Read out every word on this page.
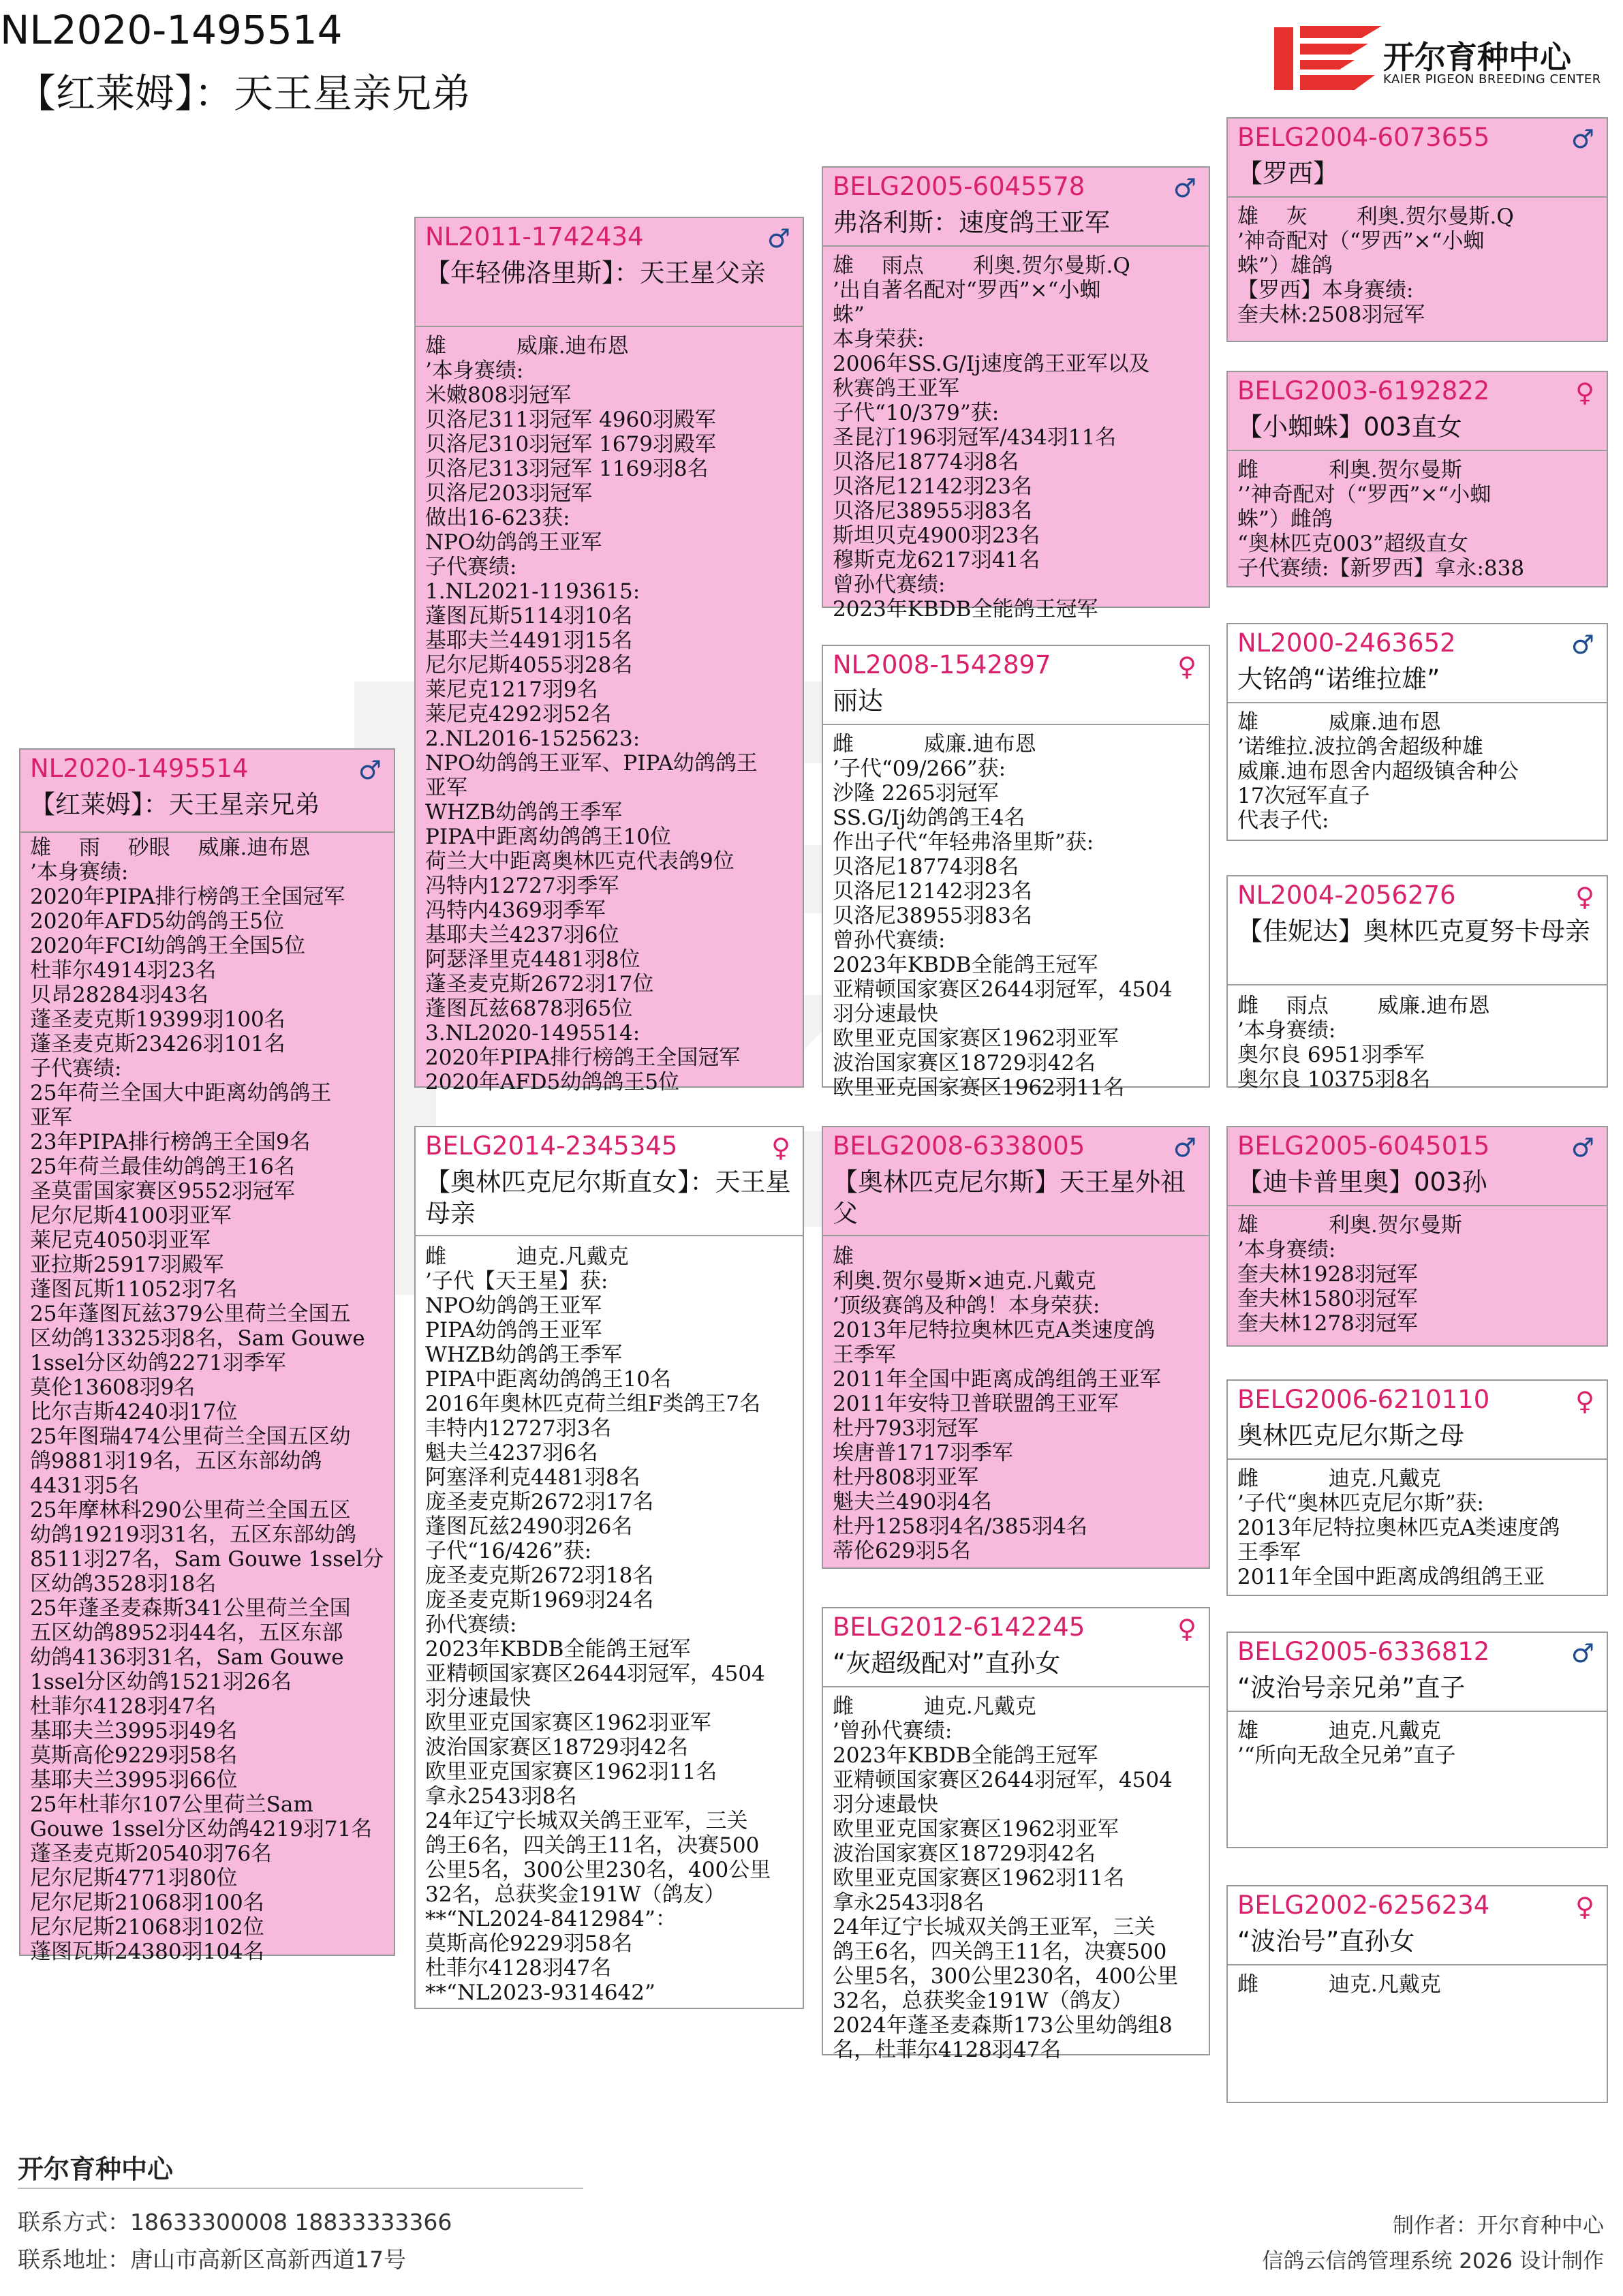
NL2020-1495514
【红莱姆】：天王星亲兄弟
开尔育种中心
KAIER PIGEON BREEDING CENTER
NL2020-1495514	♂
【红莱姆】：天王星亲兄弟
雄　 雨　 砂眼　 威廉.迪布恩
’本身赛绩:
2020年PIPA排行榜鸽王全国冠军
2020年AFD5幼鸽鸽王5位
2020年FCI幼鸽鸽王全国5位
杜菲尔4914羽23名
贝昂28284羽43名
蓬圣麦克斯19399羽100名
蓬圣麦克斯23426羽101名
子代赛绩:
25年荷兰全国大中距离幼鸽鸽王
亚军
23年PIPA排行榜鸽王全国9名
25年荷兰最佳幼鸽鸽王16名
圣莫雷国家赛区9552羽冠军
尼尔尼斯4100羽亚军
莱尼克4050羽亚军
亚拉斯25917羽殿军
蓬图瓦斯11052羽7名
25年蓬图瓦兹379公里荷兰全国五
区幼鸽13325羽8名，Sam Gouwe
1ssel分区幼鸽2271羽季军
莫伦13608羽9名
比尔吉斯4240羽17位
25年图瑞474公里荷兰全国五区幼
鸽9881羽19名，五区东部幼鸽
4431羽5名
25年摩林科290公里荷兰全国五区
幼鸽19219羽31名，五区东部幼鸽
8511羽27名，Sam Gouwe 1ssel分
区幼鸽3528羽18名
25年蓬圣麦森斯341公里荷兰全国
五区幼鸽8952羽44名，五区东部
幼鸽4136羽31名，Sam Gouwe
1ssel分区幼鸽1521羽26名
杜菲尔4128羽47名
基耶夫兰3995羽49名
莫斯高伦9229羽58名
基耶夫兰3995羽66位
25年杜菲尔107公里荷兰Sam
Gouwe 1ssel分区幼鸽4219羽71名
蓬圣麦克斯20540羽76名
尼尔尼斯4771羽80位
尼尔尼斯21068羽100名
尼尔尼斯21068羽102位
蓬图瓦斯24380羽104名
NL2011-1742434	♂
【年轻佛洛里斯】：天王星父亲
雄　　　 威廉.迪布恩
’本身赛绩:
米嫩808羽冠军
贝洛尼311羽冠军 4960羽殿军
贝洛尼310羽冠军 1679羽殿军
贝洛尼313羽冠军 1169羽8名
贝洛尼203羽冠军
做出16-623获:
NPO幼鸽鸽王亚军
子代赛绩:
1.NL2021-1193615:
蓬图瓦斯5114羽10名
基耶夫兰4491羽15名
尼尔尼斯4055羽28名
莱尼克1217羽9名
莱尼克4292羽52名
2.NL2016-1525623:
NPO幼鸽鸽王亚军、PIPA幼鸽鸽王
亚军
WHZB幼鸽鸽王季军
PIPA中距离幼鸽鸽王10位
荷兰大中距离奥林匹克代表鸽9位
冯特内12727羽季军
冯特内4369羽季军
基耶夫兰4237羽6位
阿瑟泽里克4481羽8位
蓬圣麦克斯2672羽17位
蓬图瓦兹6878羽65位
3.NL2020-1495514:
2020年PIPA排行榜鸽王全国冠军
2020年AFD5幼鸽鸽王5位
BELG2014-2345345	♀
【奥林匹克尼尔斯直女】：天王星母亲
雌　　　 迪克.凡戴克
’子代【天王星】获:
NPO幼鸽鸽王亚军
PIPA幼鸽鸽王亚军
WHZB幼鸽鸽王季军
PIPA中距离幼鸽鸽王10名
2016年奥林匹克荷兰组F类鸽王7名
丰特内12727羽3名
魁夫兰4237羽6名
阿塞泽利克4481羽8名
庞圣麦克斯2672羽17名
蓬图瓦兹2490羽26名
子代“16/426”获:
庞圣麦克斯2672羽18名
庞圣麦克斯1969羽24名
孙代赛绩:
2023年KBDB全能鸽王冠军
亚精顿国家赛区2644羽冠军，4504
羽分速最快
欧里亚克国家赛区1962羽亚军
波治国家赛区18729羽42名
欧里亚克国家赛区1962羽11名
拿永2543羽8名
24年辽宁长城双关鸽王亚军，三关
鸽王6名，四关鸽王11名，决赛500
公里5名，300公里230名，400公里
32名，总获奖金191W（鸽友）
**“NL2024-8412984”：
莫斯高伦9229羽58名
杜菲尔4128羽47名
**“NL2023-9314642”
BELG2005-6045578	♂
弗洛利斯：速度鸽王亚军
雄　 雨点　　 利奥.贺尔曼斯.Q
’出自著名配对“罗西”×“小蜘
蛛”
本身荣获:
2006年SS.G/Ij速度鸽王亚军以及
秋赛鸽王亚军
子代“10/379”获:
圣昆汀196羽冠军/434羽11名
贝洛尼18774羽8名
贝洛尼12142羽23名
贝洛尼38955羽83名
斯坦贝克4900羽23名
穆斯克龙6217羽41名
曾孙代赛绩:
2023年KBDB全能鸽王冠军
NL2008-1542897	♀
丽达
雌　　　 威廉.迪布恩
’子代“09/266”获:
沙隆 2265羽冠军
SS.G/Ij幼鸽鸽王4名
作出子代“年轻弗洛里斯”获:
贝洛尼18774羽8名
贝洛尼12142羽23名
贝洛尼38955羽83名
曾孙代赛绩:
2023年KBDB全能鸽王冠军
亚精顿国家赛区2644羽冠军，4504
羽分速最快
欧里亚克国家赛区1962羽亚军
波治国家赛区18729羽42名
欧里亚克国家赛区1962羽11名
BELG2008-6338005	♂
【奥林匹克尼尔斯】天王星外祖父
雄
利奥.贺尔曼斯×迪克.凡戴克
’顶级赛鸽及种鸽！本身荣获:
2013年尼特拉奥林匹克A类速度鸽
王季军
2011年全国中距离成鸽组鸽王亚军
2011年安特卫普联盟鸽王亚军
杜丹793羽冠军
埃唐普1717羽季军
杜丹808羽亚军
魁夫兰490羽4名
杜丹1258羽4名/385羽4名
蒂伦629羽5名
BELG2012-6142245	♀
“灰超级配对”直孙女
雌　　　 迪克.凡戴克
’曾孙代赛绩:
2023年KBDB全能鸽王冠军
亚精顿国家赛区2644羽冠军，4504
羽分速最快
欧里亚克国家赛区1962羽亚军
波治国家赛区18729羽42名
欧里亚克国家赛区1962羽11名
拿永2543羽8名
24年辽宁长城双关鸽王亚军，三关
鸽王6名，四关鸽王11名，决赛500
公里5名，300公里230名，400公里
32名，总获奖金191W（鸽友）
2024年蓬圣麦森斯173公里幼鸽组8
名，杜菲尔4128羽47名
BELG2004-6073655	♂
【罗西】
雄　 灰　　 利奥.贺尔曼斯.Q
’神奇配对（“罗西”×“小蜘
蛛”）雄鸽
【罗西】本身赛绩:
奎夫林:2508羽冠军
BELG2003-6192822	♀
【小蜘蛛】003直女
雌　　　 利奥.贺尔曼斯
’’神奇配对（“罗西”×“小蜘
蛛”）雌鸽
“奥林匹克003”超级直女
子代赛绩:【新罗西】拿永:838
NL2000-2463652	♂
大铭鸽“诺维拉雄”
雄　　　 威廉.迪布恩
’诺维拉.波拉鸽舍超级种雄
威廉.迪布恩舍内超级镇舍种公
17次冠军直子
代表子代:
NL2004-2056276	♀
【佳妮达】奥林匹克夏努卡母亲
雌　 雨点　　 威廉.迪布恩
’本身赛绩:
奥尔良 6951羽季军
奥尔良 10375羽8名
BELG2005-6045015	♂
【迪卡普里奥】003孙
雄　　　 利奥.贺尔曼斯
’本身赛绩:
奎夫林1928羽冠军
奎夫林1580羽冠军
奎夫林1278羽冠军
BELG2006-6210110	♀
奥林匹克尼尔斯之母
雌　　　 迪克.凡戴克
’子代“奥林匹克尼尔斯”获:
2013年尼特拉奥林匹克A类速度鸽
王季军
2011年全国中距离成鸽组鸽王亚
BELG2005-6336812	♂
“波治号亲兄弟”直子
雄　　　 迪克.凡戴克
’“所向无敌全兄弟”直子
BELG2002-6256234	♀
“波治号”直孙女
雌　　　 迪克.凡戴克
开尔育种中心
联系方式：18633300008 18833333366
联系地址：唐山市高新区高新西道17号
制作者：开尔育种中心
信鸽云信鸽管理系统 2026 设计制作
